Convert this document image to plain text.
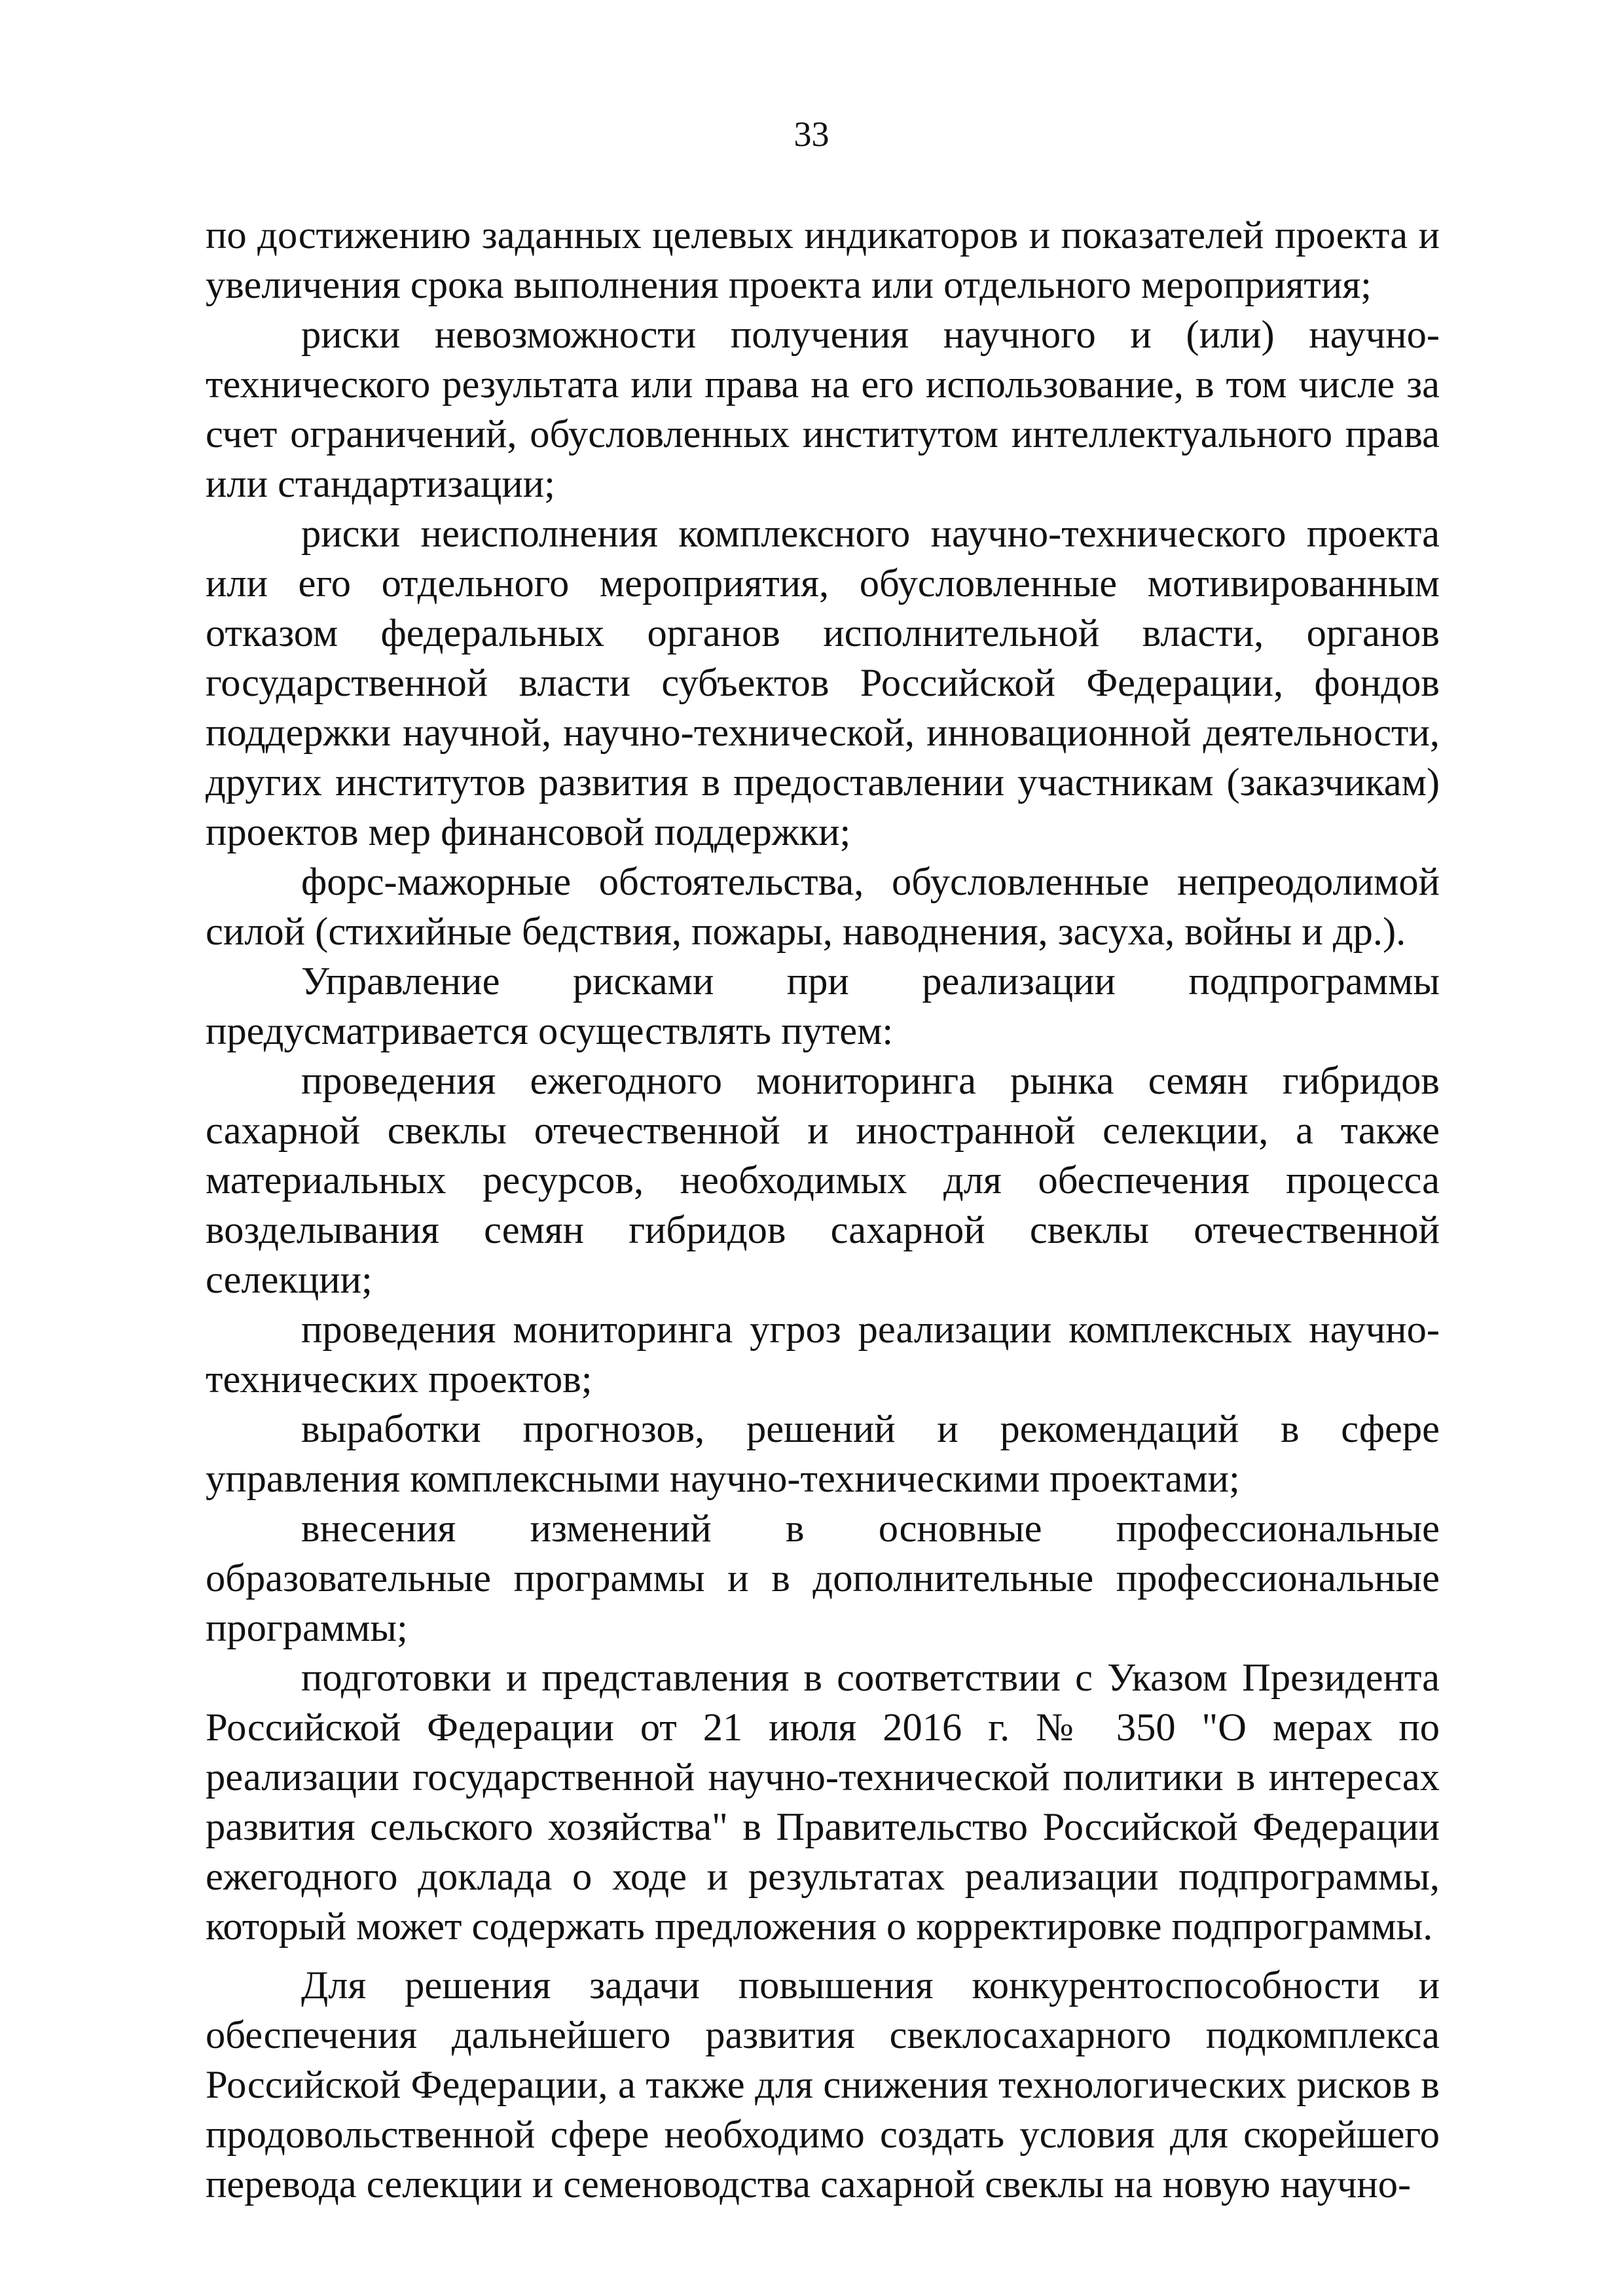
33

по достижению заданных целевых индикаторов и показателей проекта и увеличения срока выполнения проекта или отдельного мероприятия;

риски невозможности получения научного и (или) научно-технического результата или права на его использование, в том числе за счет ограничений, обусловленных институтом интеллектуального права или стандартизации;

риски неисполнения комплексного научно-технического проекта или его отдельного мероприятия, обусловленные мотивированным отказом федеральных органов исполнительной власти, органов государственной власти субъектов Российской Федерации, фондов поддержки научной, научно-технической, инновационной деятельности, других институтов развития в предоставлении участникам (заказчикам) проектов мер финансовой поддержки;

форс-мажорные обстоятельства, обусловленные непреодолимой силой (стихийные бедствия, пожары, наводнения, засуха, войны и др.).

Управление рисками при реализации подпрограммы предусматривается осуществлять путем:

проведения ежегодного мониторинга рынка семян гибридов сахарной свеклы отечественной и иностранной селекции, а также материальных ресурсов, необходимых для обеспечения процесса возделывания семян гибридов сахарной свеклы отечественной селекции;

проведения мониторинга угроз реализации комплексных научно-технических проектов;

выработки прогнозов, решений и рекомендаций в сфере управления комплексными научно-техническими проектами;

внесения изменений в основные профессиональные образовательные программы и в дополнительные профессиональные программы;

подготовки и представления в соответствии с Указом Президента Российской Федерации от 21 июля 2016 г. № 350 "О мерах по реализации государственной научно-технической политики в интересах развития сельского хозяйства" в Правительство Российской Федерации ежегодного доклада о ходе и результатах реализации подпрограммы, который может содержать предложения о корректировке подпрограммы.

Для решения задачи повышения конкурентоспособности и обеспечения дальнейшего развития свеклосахарного подкомплекса Российской Федерации, а также для снижения технологических рисков в продовольственной сфере необходимо создать условия для скорейшего перевода селекции и семеноводства сахарной свеклы на новую научно-
